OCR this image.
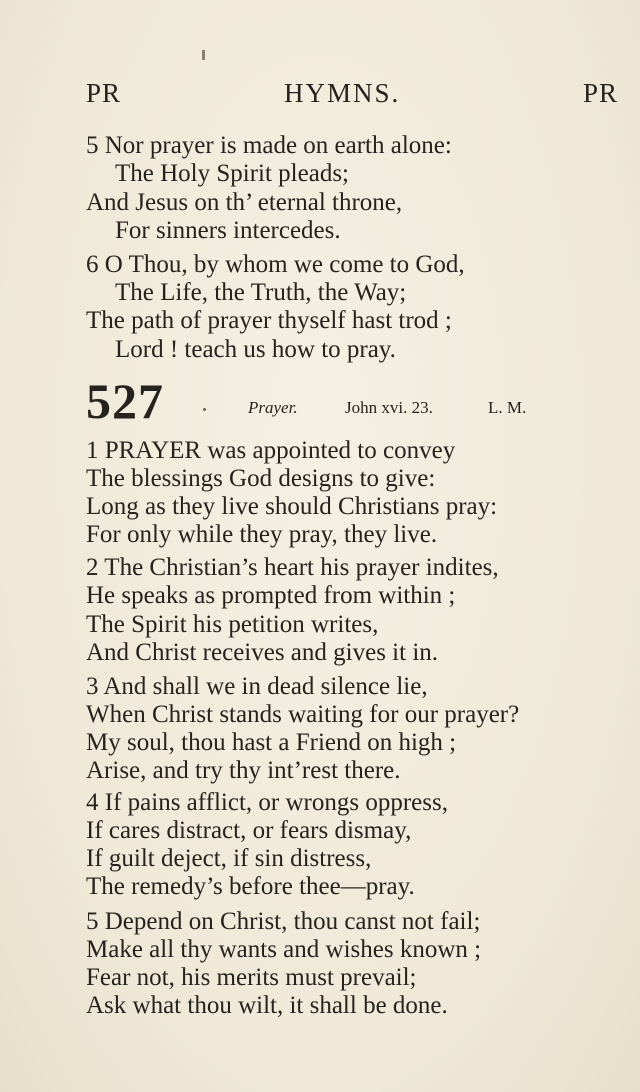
PR	HYMNS.	PR
5 Nor prayer is made on earth alone:
The Holy Spirit pleads;
And Jesus on th’ eternal throne,
For sinners intercedes.
6 O Thou, by whom we come to God,
The Life, the Truth, the Way;
The path of prayer thyself hast trod ;
Lord ! teach us how to pray.
527	Prayer.	John xvi. 23.	L. M.
1 PRAYER was appointed to convey
The blessings God designs to give:
Long as they live should Christians pray:
For only while they pray, they live.
2 The Christian’s heart his prayer indites,
He speaks as prompted from within ;
The Spirit his petition writes,
And Christ receives and gives it in.
3 And shall we in dead silence lie,
When Christ stands waiting for our prayer?
My soul, thou hast a Friend on high ;
Arise, and try thy int’rest there.
4 If pains afflict, or wrongs oppress,
If cares distract, or fears dismay,
If guilt deject, if sin distress,
The remedy’s before thee—pray.
5 Depend on Christ, thou canst not fail;
Make all thy wants and wishes known ;
Fear not, his merits must prevail;
Ask what thou wilt, it shall be done.
